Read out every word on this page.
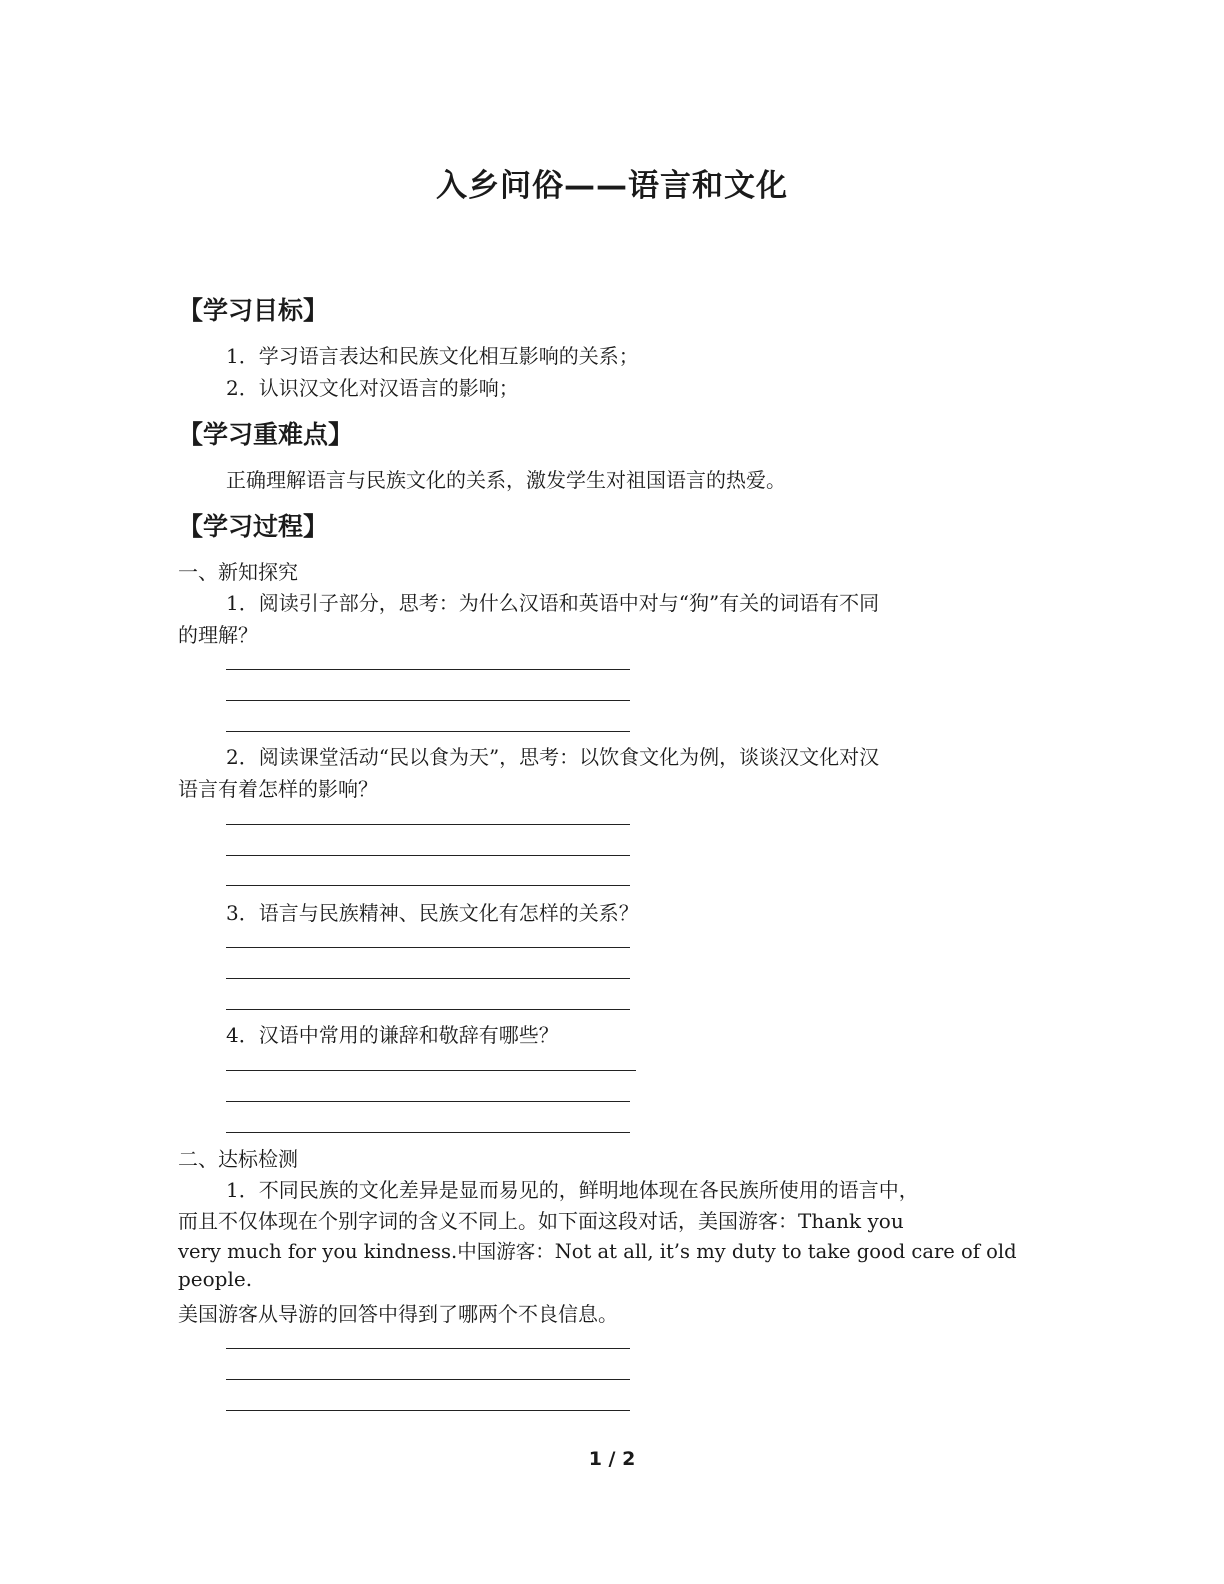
入乡问俗——语言和文化
【学习目标】
1．学习语言表达和民族文化相互影响的关系；
2．认识汉文化对汉语言的影响；
【学习重难点】
正确理解语言与民族文化的关系，激发学生对祖国语言的热爱。
【学习过程】
一、新知探究
1．阅读引子部分，思考：为什么汉语和英语中对与“狗”有关的词语有不同
的理解？
2．阅读课堂活动“民以食为天”，思考：以饮食文化为例，谈谈汉文化对汉
语言有着怎样的影响？
3．语言与民族精神、民族文化有怎样的关系？
4．汉语中常用的谦辞和敬辞有哪些？
二、达标检测
1．不同民族的文化差异是显而易见的，鲜明地体现在各民族所使用的语言中，
而且不仅体现在个别字词的含义不同上。如下面这段对话，美国游客：Thank you
very much for you kindness.中国游客：Not at all, it’s my duty to take good care of old
people.
美国游客从导游的回答中得到了哪两个不良信息。
1 / 2
